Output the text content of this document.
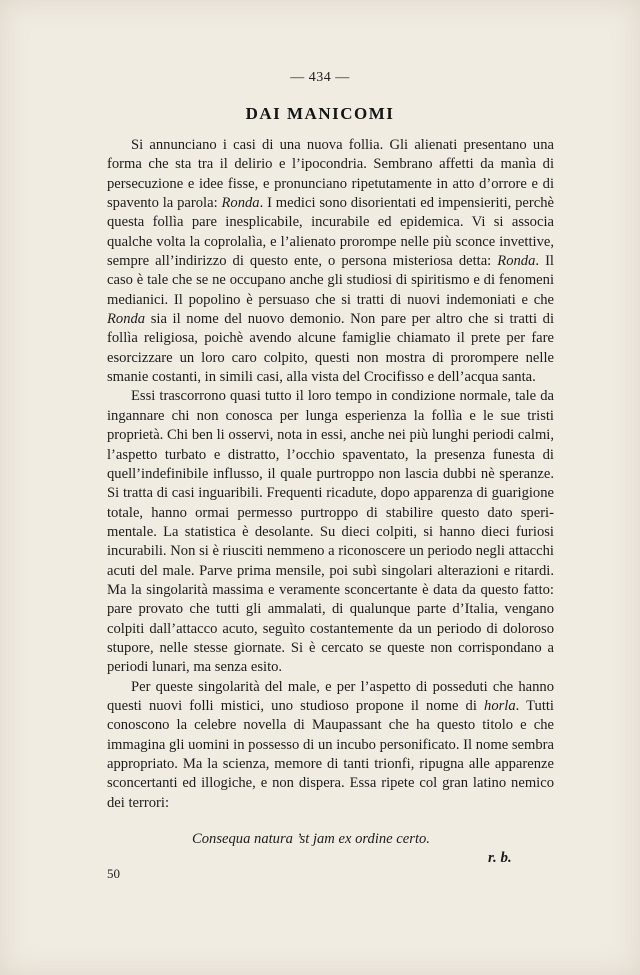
— 434 —
DAI MANICOMI

Si annunciano i casi di una nuova follia. Gli alienati presentano una forma che sta tra il delirio e l’ipocondria. Sembrano affetti da manìa di persecuzione e idee fisse, e pronunciano ripetutamente in atto d’orrore e di spavento la parola: Ronda. I medici sono disorientati ed impensieriti, perchè questa follìa pare inesplicabile, incurabile ed epidemica. Vi si associa qualche volta la coprolalìa, e l’alienato prorompe nelle più sconce invettive, sempre all’indirizzo di questo ente, o persona misteriosa detta: Ronda. Il caso è tale che se ne occupano anche gli studiosi di spiritismo e di fenomeni medianici. Il popolino è persuaso che si tratti di nuovi indemoniati e che Ronda sia il nome del nuovo demonio. Non pare per altro che si tratti di follìa religiosa, poichè avendo alcune famiglie chiamato il prete per fare esorcizzare un loro caro colpito, questi non mostra di prorompere nelle smanie costanti, in simili casi, alla vista del Crocifisso e dell’acqua santa.

Essi trascorrono quasi tutto il loro tempo in condizione normale, tale da ingannare chi non conosca per lunga esperienza la follìa e le sue tristi proprietà. Chi ben li osservi, nota in essi, anche nei più lunghi periodi calmi, l’aspetto turbato e distratto, l’occhio spaventato, la presenza funesta di quell’indefinibile influsso, il quale purtroppo non lascia dubbi nè speranze. Si tratta di casi inguaribili. Frequenti ricadute, dopo apparenza di guarigione totale, hanno ormai permesso purtroppo di stabilire questo dato sperimentale. La statistica è desolante. Su dieci colpiti, si hanno dieci furiosi incurabili. Non si è riusciti nemmeno a riconoscere un periodo negli attacchi acuti del male. Parve prima mensile, poi subì singolari alterazioni e ritardi. Ma la singolarità massima e veramente sconcertante è data da questo fatto: pare provato che tutti gli ammalati, di qualunque parte d’Italia, vengano colpiti dall’attacco acuto, seguìto costantemente da un periodo di doloroso stupore, nelle stesse giornate. Si è cercato se queste non corrispondano a periodi lunari, ma senza esito.

Per queste singolarità del male, e per l’aspetto di posseduti che hanno questi nuovi folli mistici, uno studioso propone il nome di horla. Tutti conoscono la celebre novella di Maupassant che ha questo titolo e che immagina gli uomini in possesso di un incubo personificato. Il nome sembra appropriato. Ma la scienza, memore di tanti trionfi, ripugna alle apparenze sconcertanti ed illogiche, e non dispera. Essa ripete col gran latino nemico dei terrori:

Consequa natura ’st jam ex ordine certo.
r. b.
50
